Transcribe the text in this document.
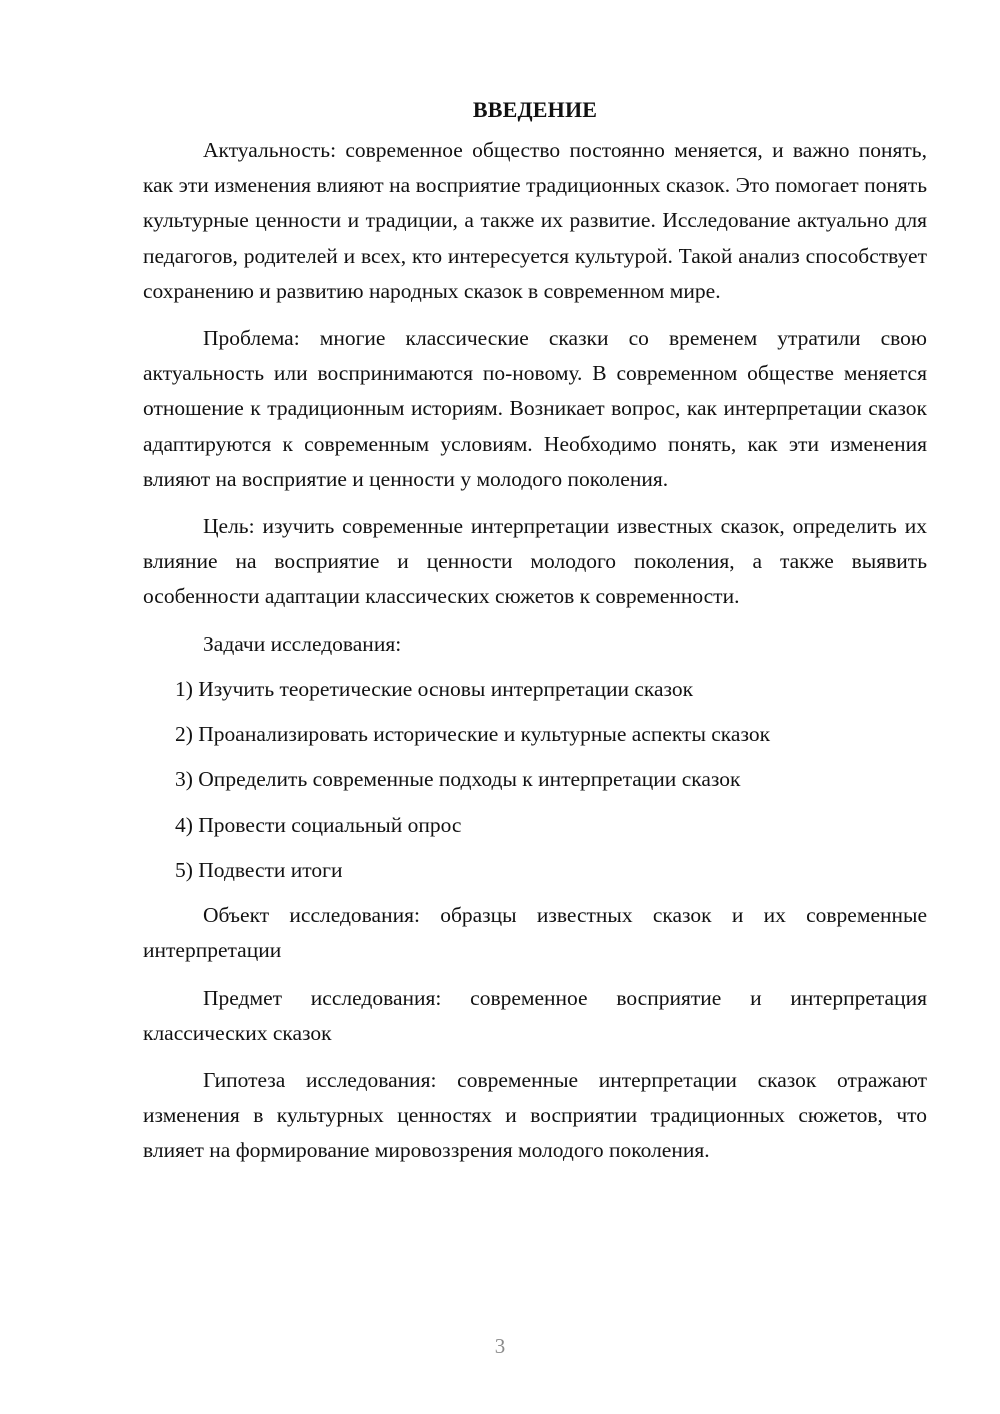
ВВЕДЕНИЕ

Актуальность: современное общество постоянно меняется, и важно понять, как эти изменения влияют на восприятие традиционных сказок. Это помогает понять культурные ценности и традиции, а также их развитие. Исследование актуально для педагогов, родителей и всех, кто интересуется культурой. Такой анализ способствует сохранению и развитию народных сказок в современном мире.

Проблема: многие классические сказки со временем утратили свою актуальность или воспринимаются по-новому. В современном обществе меняется отношение к традиционным историям. Возникает вопрос, как интерпретации сказок адаптируются к современным условиям. Необходимо понять, как эти изменения влияют на восприятие и ценности у молодого поколения.

Цель: изучить современные интерпретации известных сказок, определить их влияние на восприятие и ценности молодого поколения, а также выявить особенности адаптации классических сюжетов к современности.

Задачи исследования:

1) Изучить теоретические основы интерпретации сказок
2) Проанализировать исторические и культурные аспекты сказок
3) Определить современные подходы к интерпретации сказок
4) Провести социальный опрос
5) Подвести итоги

Объект исследования: образцы известных сказок и их современные интерпретации

Предмет исследования: современное восприятие и интерпретация классических сказок

Гипотеза исследования: современные интерпретации сказок отражают изменения в культурных ценностях и восприятии традиционных сюжетов, что влияет на формирование мировоззрения молодого поколения.

3
